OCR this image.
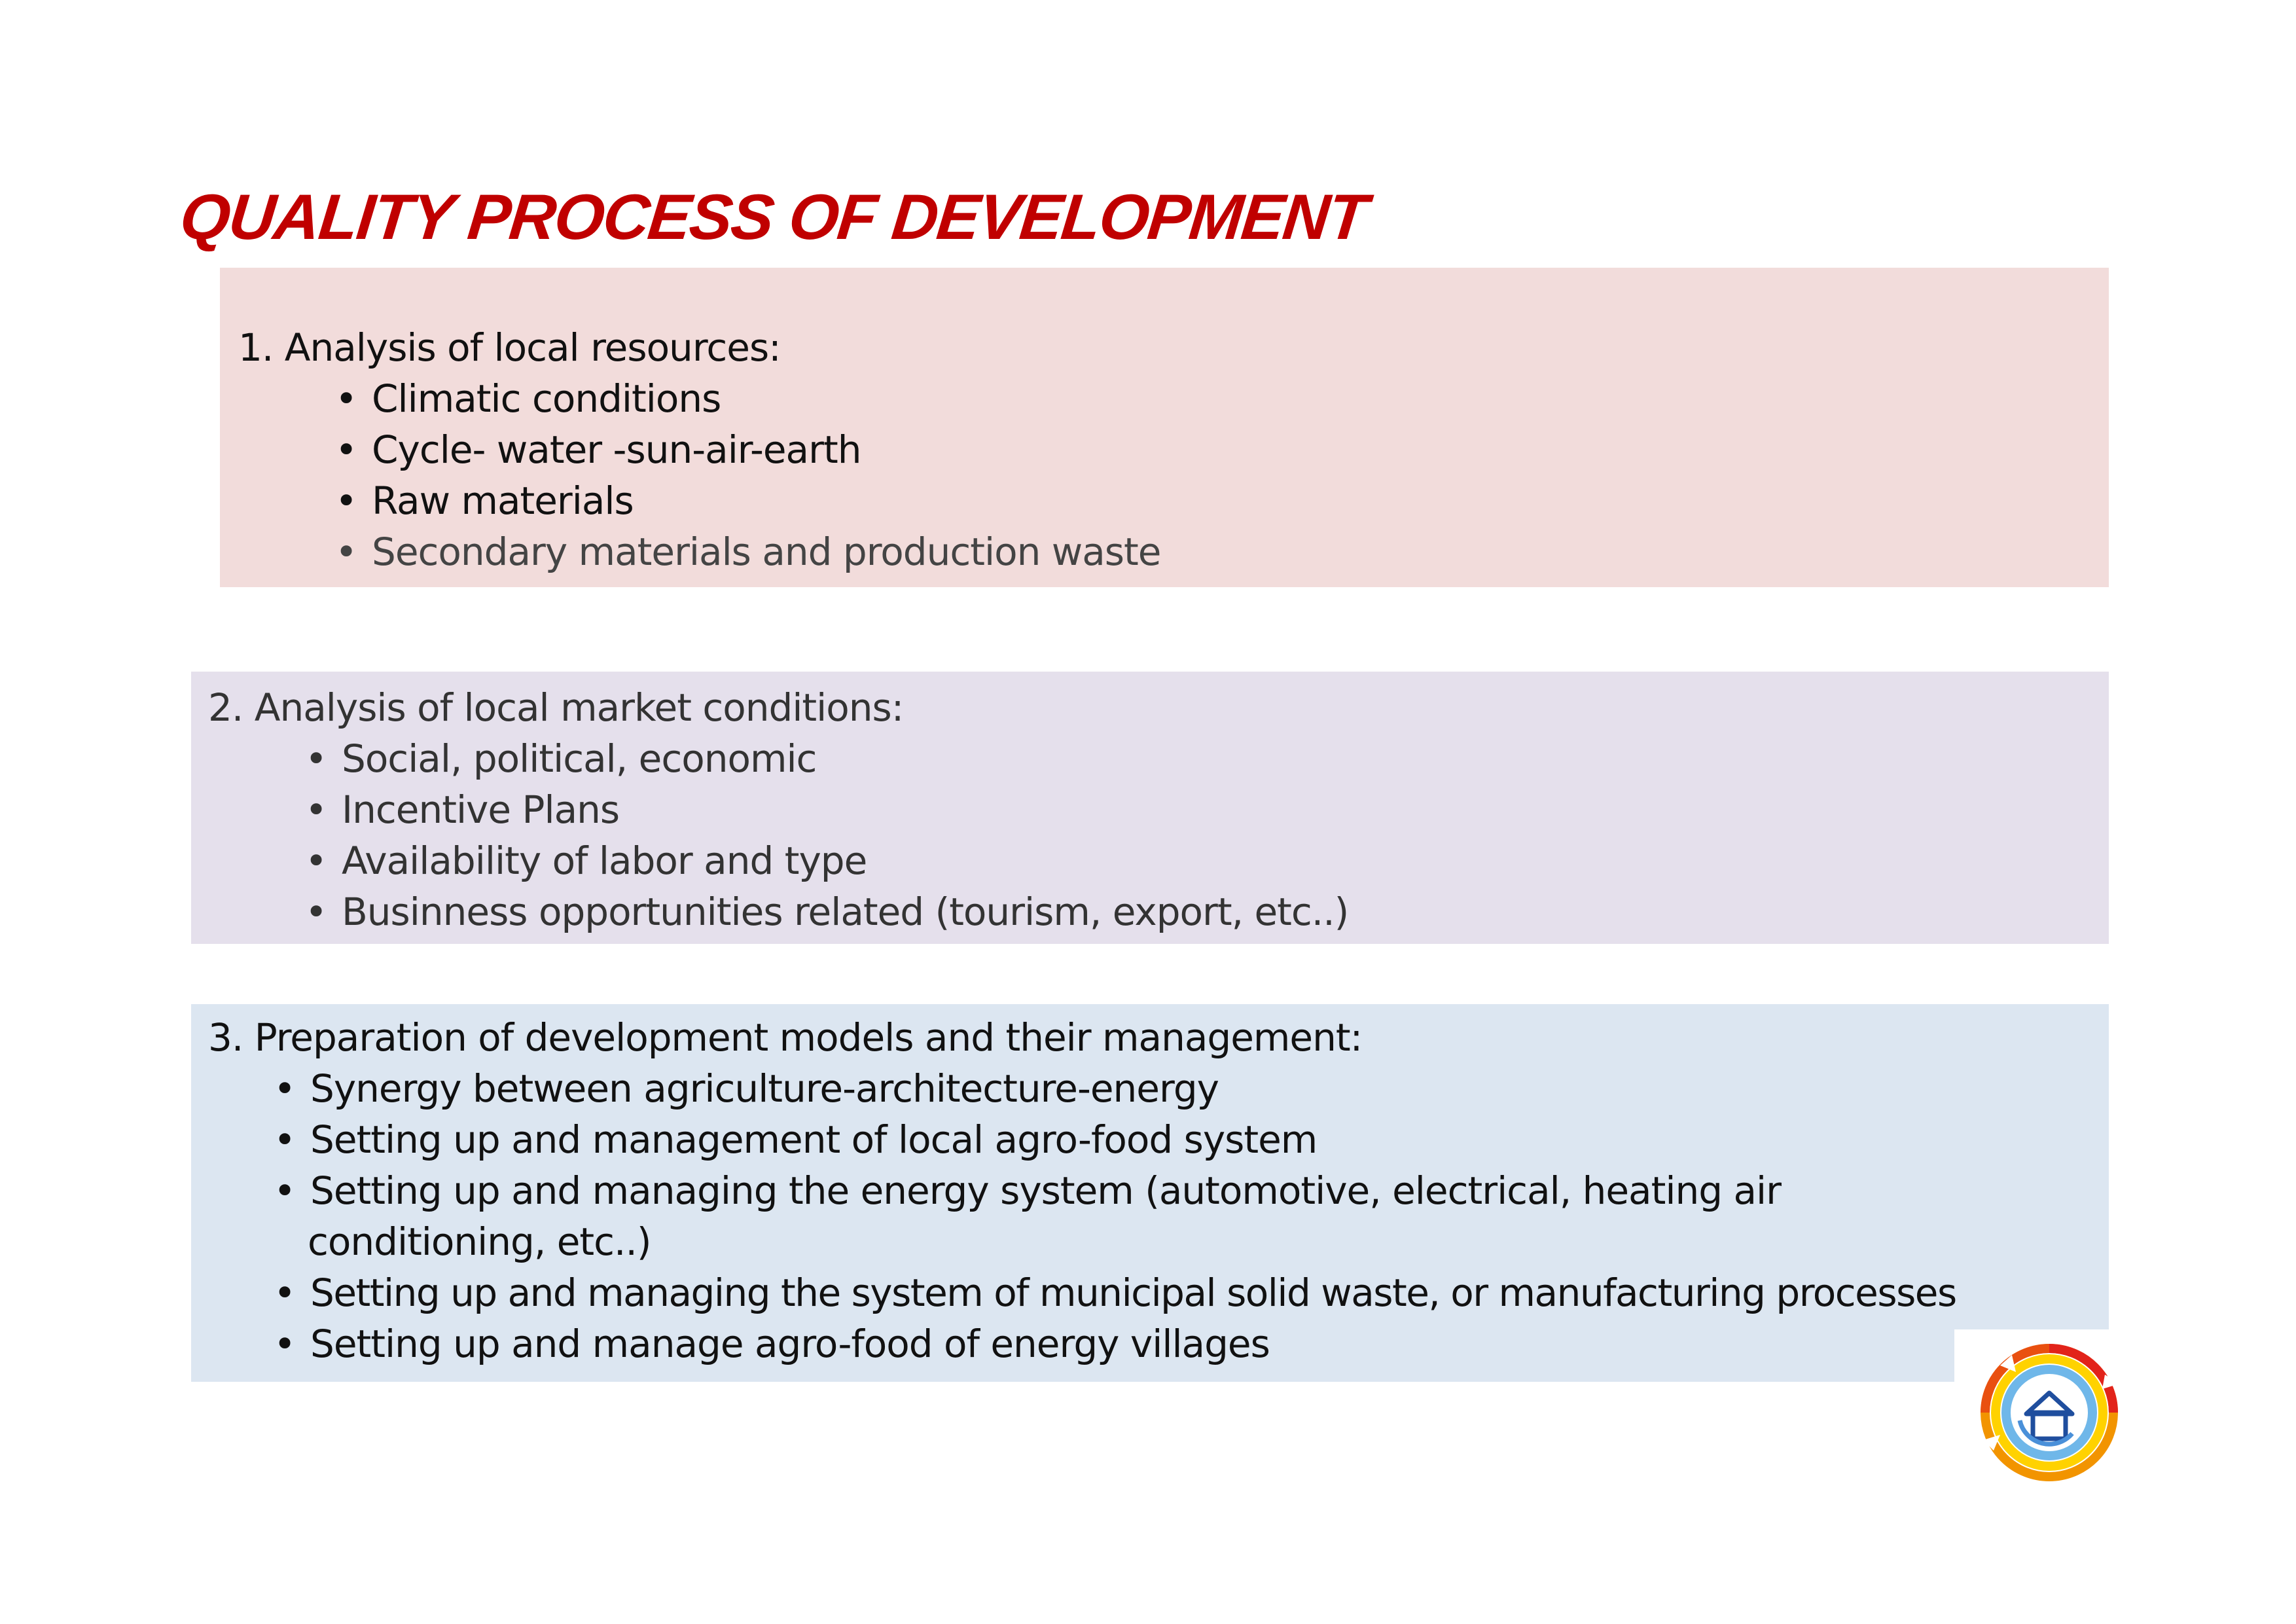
QUALITY PROCESS OF DEVELOPMENT
1. Analysis of local resources:
• Climatic conditions
• Cycle- water -sun-air-earth
• Raw materials
• Secondary materials and production waste
2. Analysis of local market conditions:
• Social, political, economic
• Incentive Plans
• Availability of labor and type
• Businness opportunities related (tourism, export, etc..)
3. Preparation of development models and their management:
• Synergy between agriculture-architecture-energy
• Setting up and management of local agro-food system
• Setting up and managing the energy system (automotive, electrical, heating air
conditioning, etc..)
• Setting up and managing the system of municipal solid waste, or manufacturing processes
• Setting up and manage agro-food of energy villages
